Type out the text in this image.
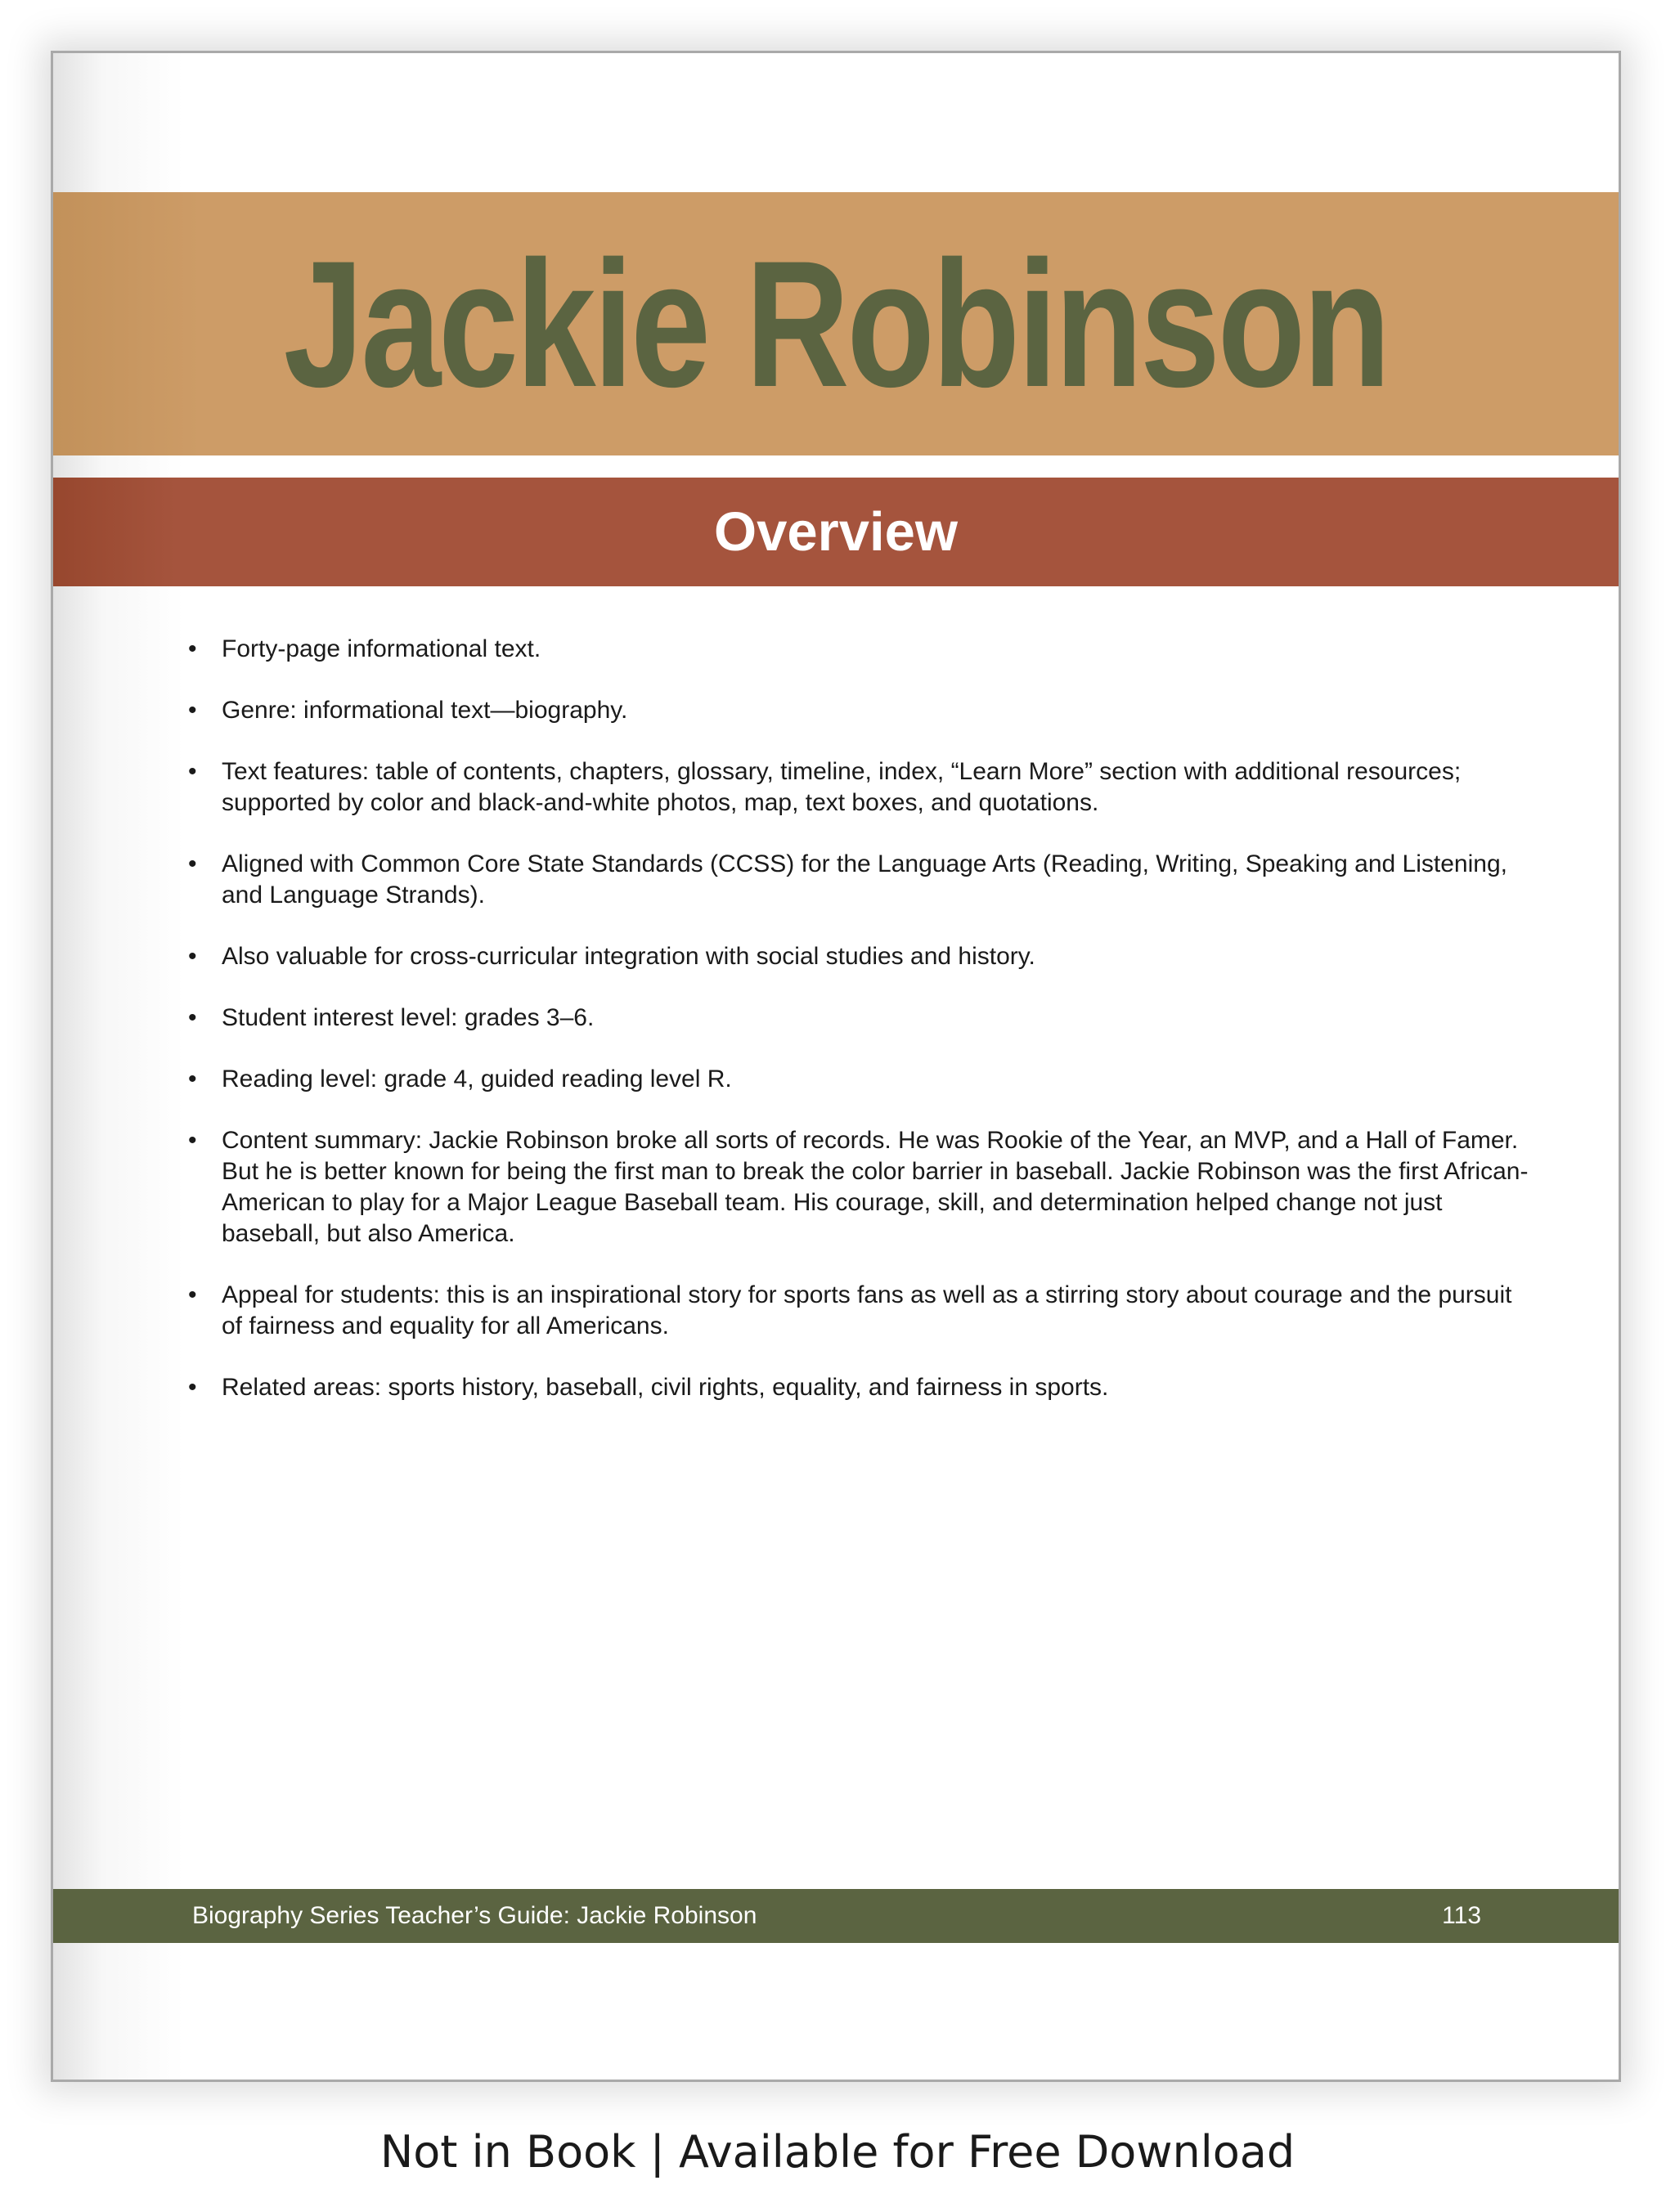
Jackie Robinson
Overview
•	Forty-page informational text.
•	Genre: informational text—biography.
•	Text features: table of contents, chapters, glossary, timeline, index, “Learn More” section with additional resources; supported by color and black-and-white photos, map, text boxes, and quotations.
•	Aligned with Common Core State Standards (CCSS) for the Language Arts (Reading, Writing, Speaking and Listening, and Language Strands).
•	Also valuable for cross-curricular integration with social studies and history.
•	Student interest level: grades 3–6.
•	Reading level: grade 4, guided reading level R.
•	Content summary: Jackie Robinson broke all sorts of records. He was Rookie of the Year, an MVP, and a Hall of Famer. But he is better known for being the first man to break the color barrier in baseball. Jackie Robinson was the first African-American to play for a Major League Baseball team. His courage, skill, and determination helped change not just baseball, but also America.
•	Appeal for students: this is an inspirational story for sports fans as well as a stirring story about courage and the pursuit of fairness and equality for all Americans.
•	Related areas: sports history, baseball, civil rights, equality, and fairness in sports.
Biography Series Teacher’s Guide: Jackie Robinson	113
Not in Book | Available for Free Download
